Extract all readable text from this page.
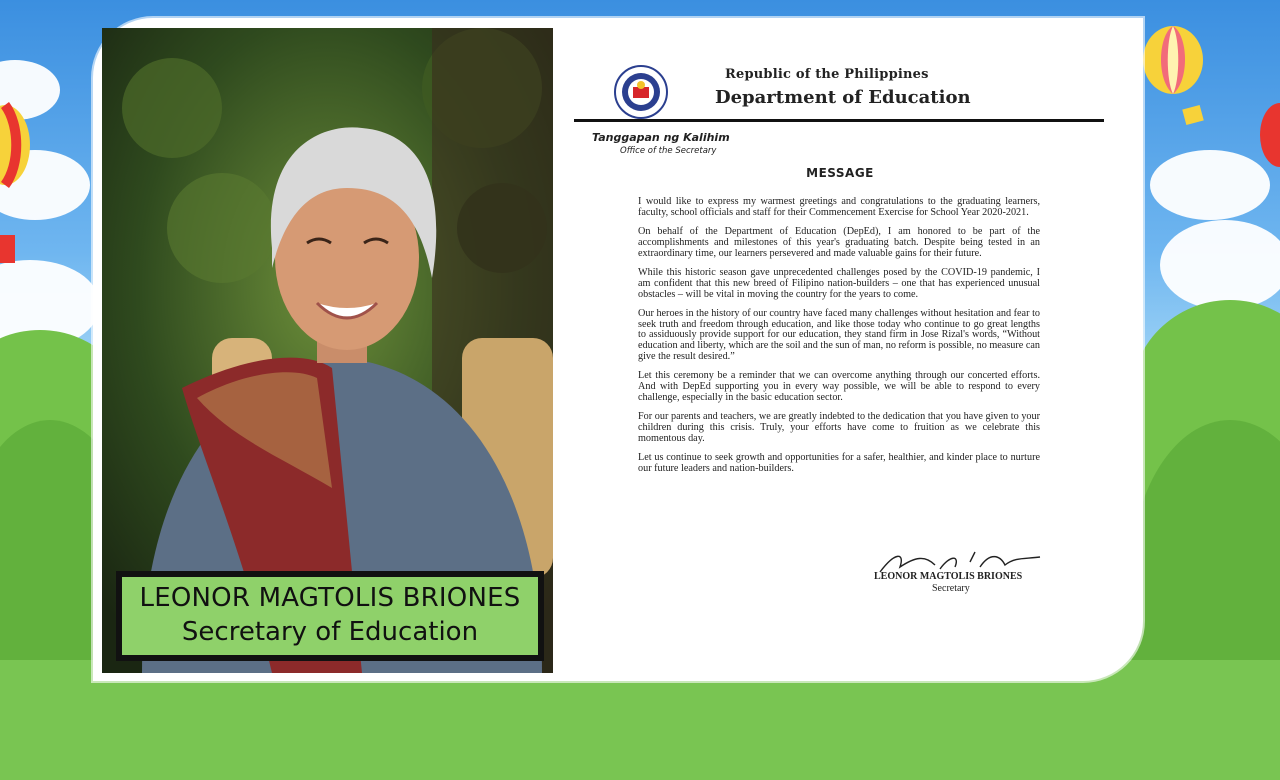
LEONOR MAGTOLIS BRIONES
Secretary of Education
Republic of the Philippines
Department of Education
Tanggapan ng Kalihim
Office of the Secretary
MESSAGE

I would like to express my warmest greetings and congratulations to the graduating learners, faculty, school officials and staff for their Commencement Exercise for School Year 2020-2021.

On behalf of the Department of Education (DepEd), I am honored to be part of the accomplishments and milestones of this year's graduating batch. Despite being tested in an extraordinary time, our learners persevered and made valuable gains for their future.

While this historic season gave unprecedented challenges posed by the COVID-19 pandemic, I am confident that this new breed of Filipino nation-builders – one that has experienced unusual obstacles – will be vital in moving the country for the years to come.

Our heroes in the history of our country have faced many challenges without hesitation and fear to seek truth and freedom through education, and like those today who continue to go great lengths to assiduously provide support for our education, they stand firm in Jose Rizal's words, “Without education and liberty, which are the soil and the sun of man, no reform is possible, no measure can give the result desired.”

Let this ceremony be a reminder that we can overcome anything through our concerted efforts. And with DepEd supporting you in every way possible, we will be able to respond to every challenge, especially in the basic education sector.

For our parents and teachers, we are greatly indebted to the dedication that you have given to your children during this crisis. Truly, your efforts have come to fruition as we celebrate this momentous day.

Let us continue to seek growth and opportunities for a safer, healthier, and kinder place to nurture our future leaders and nation-builders.

LEONOR MAGTOLIS BRIONES
Secretary
